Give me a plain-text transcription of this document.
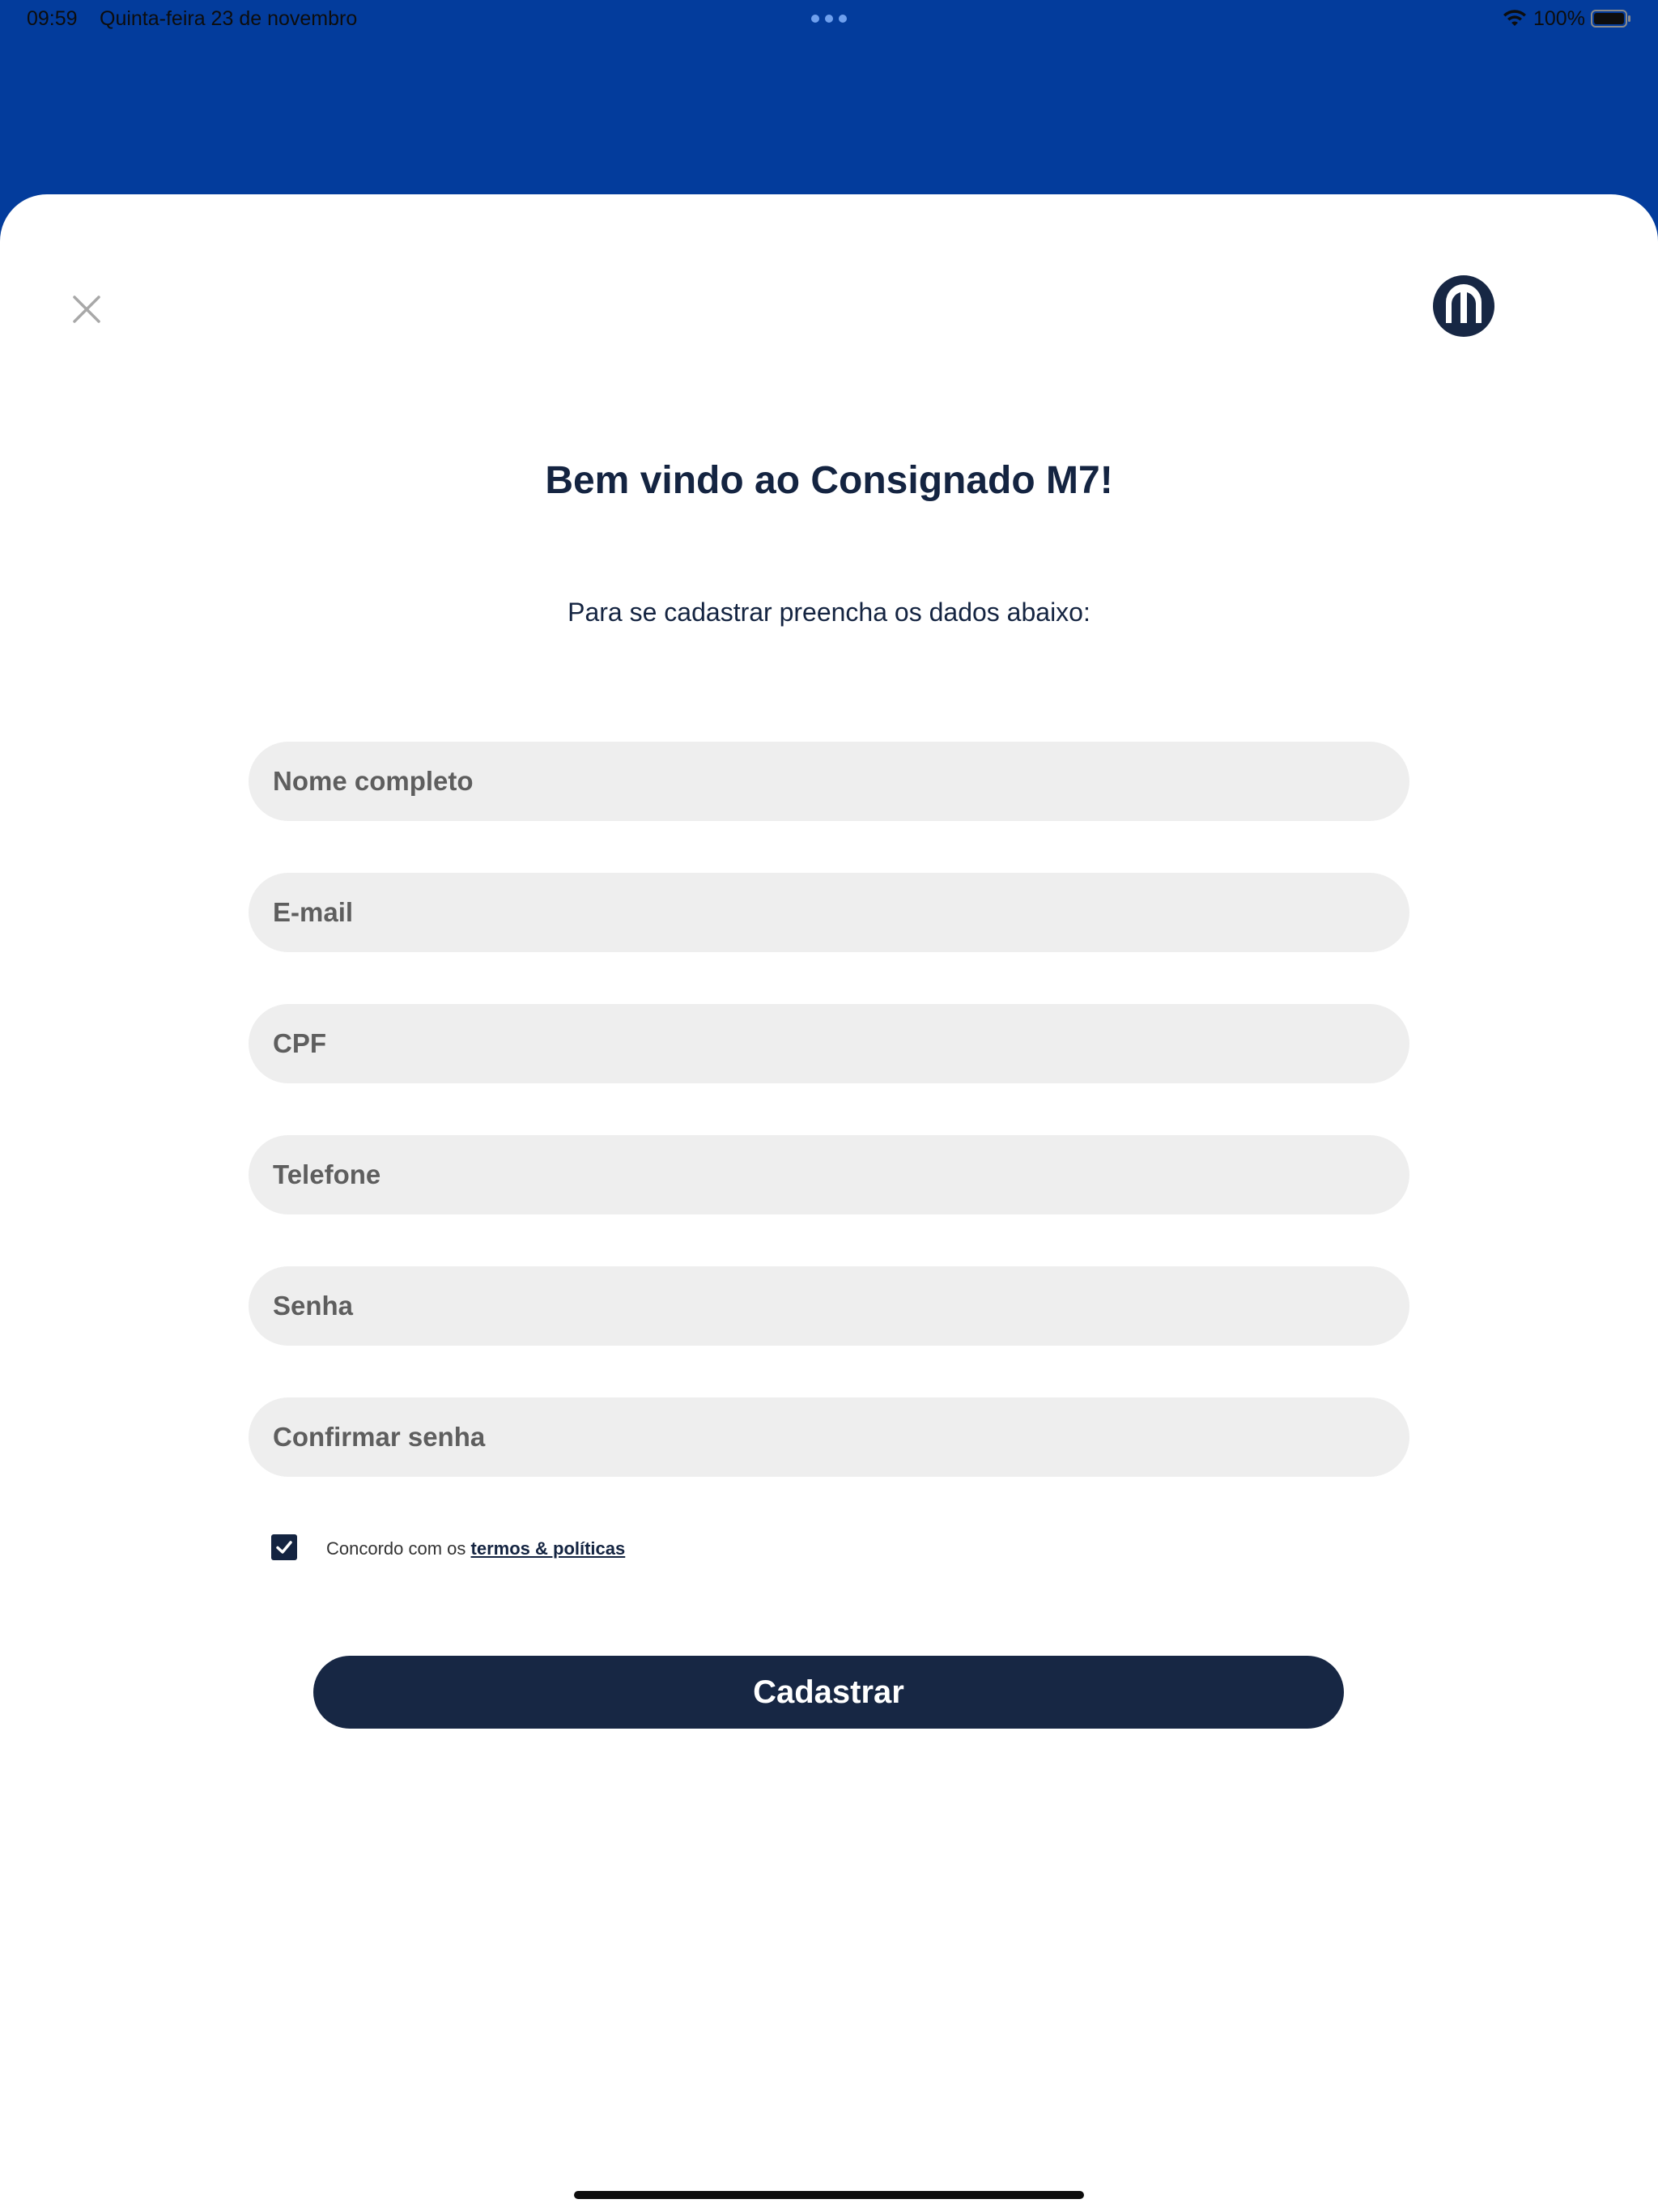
09:59 Quinta-feira 23 de novembro	100%
Bem vindo ao Consignado M7!
Para se cadastrar preencha os dados abaixo:
Nome completo
E-mail
CPF
Telefone
Concordo com os termos & políticas
Cadastrar
